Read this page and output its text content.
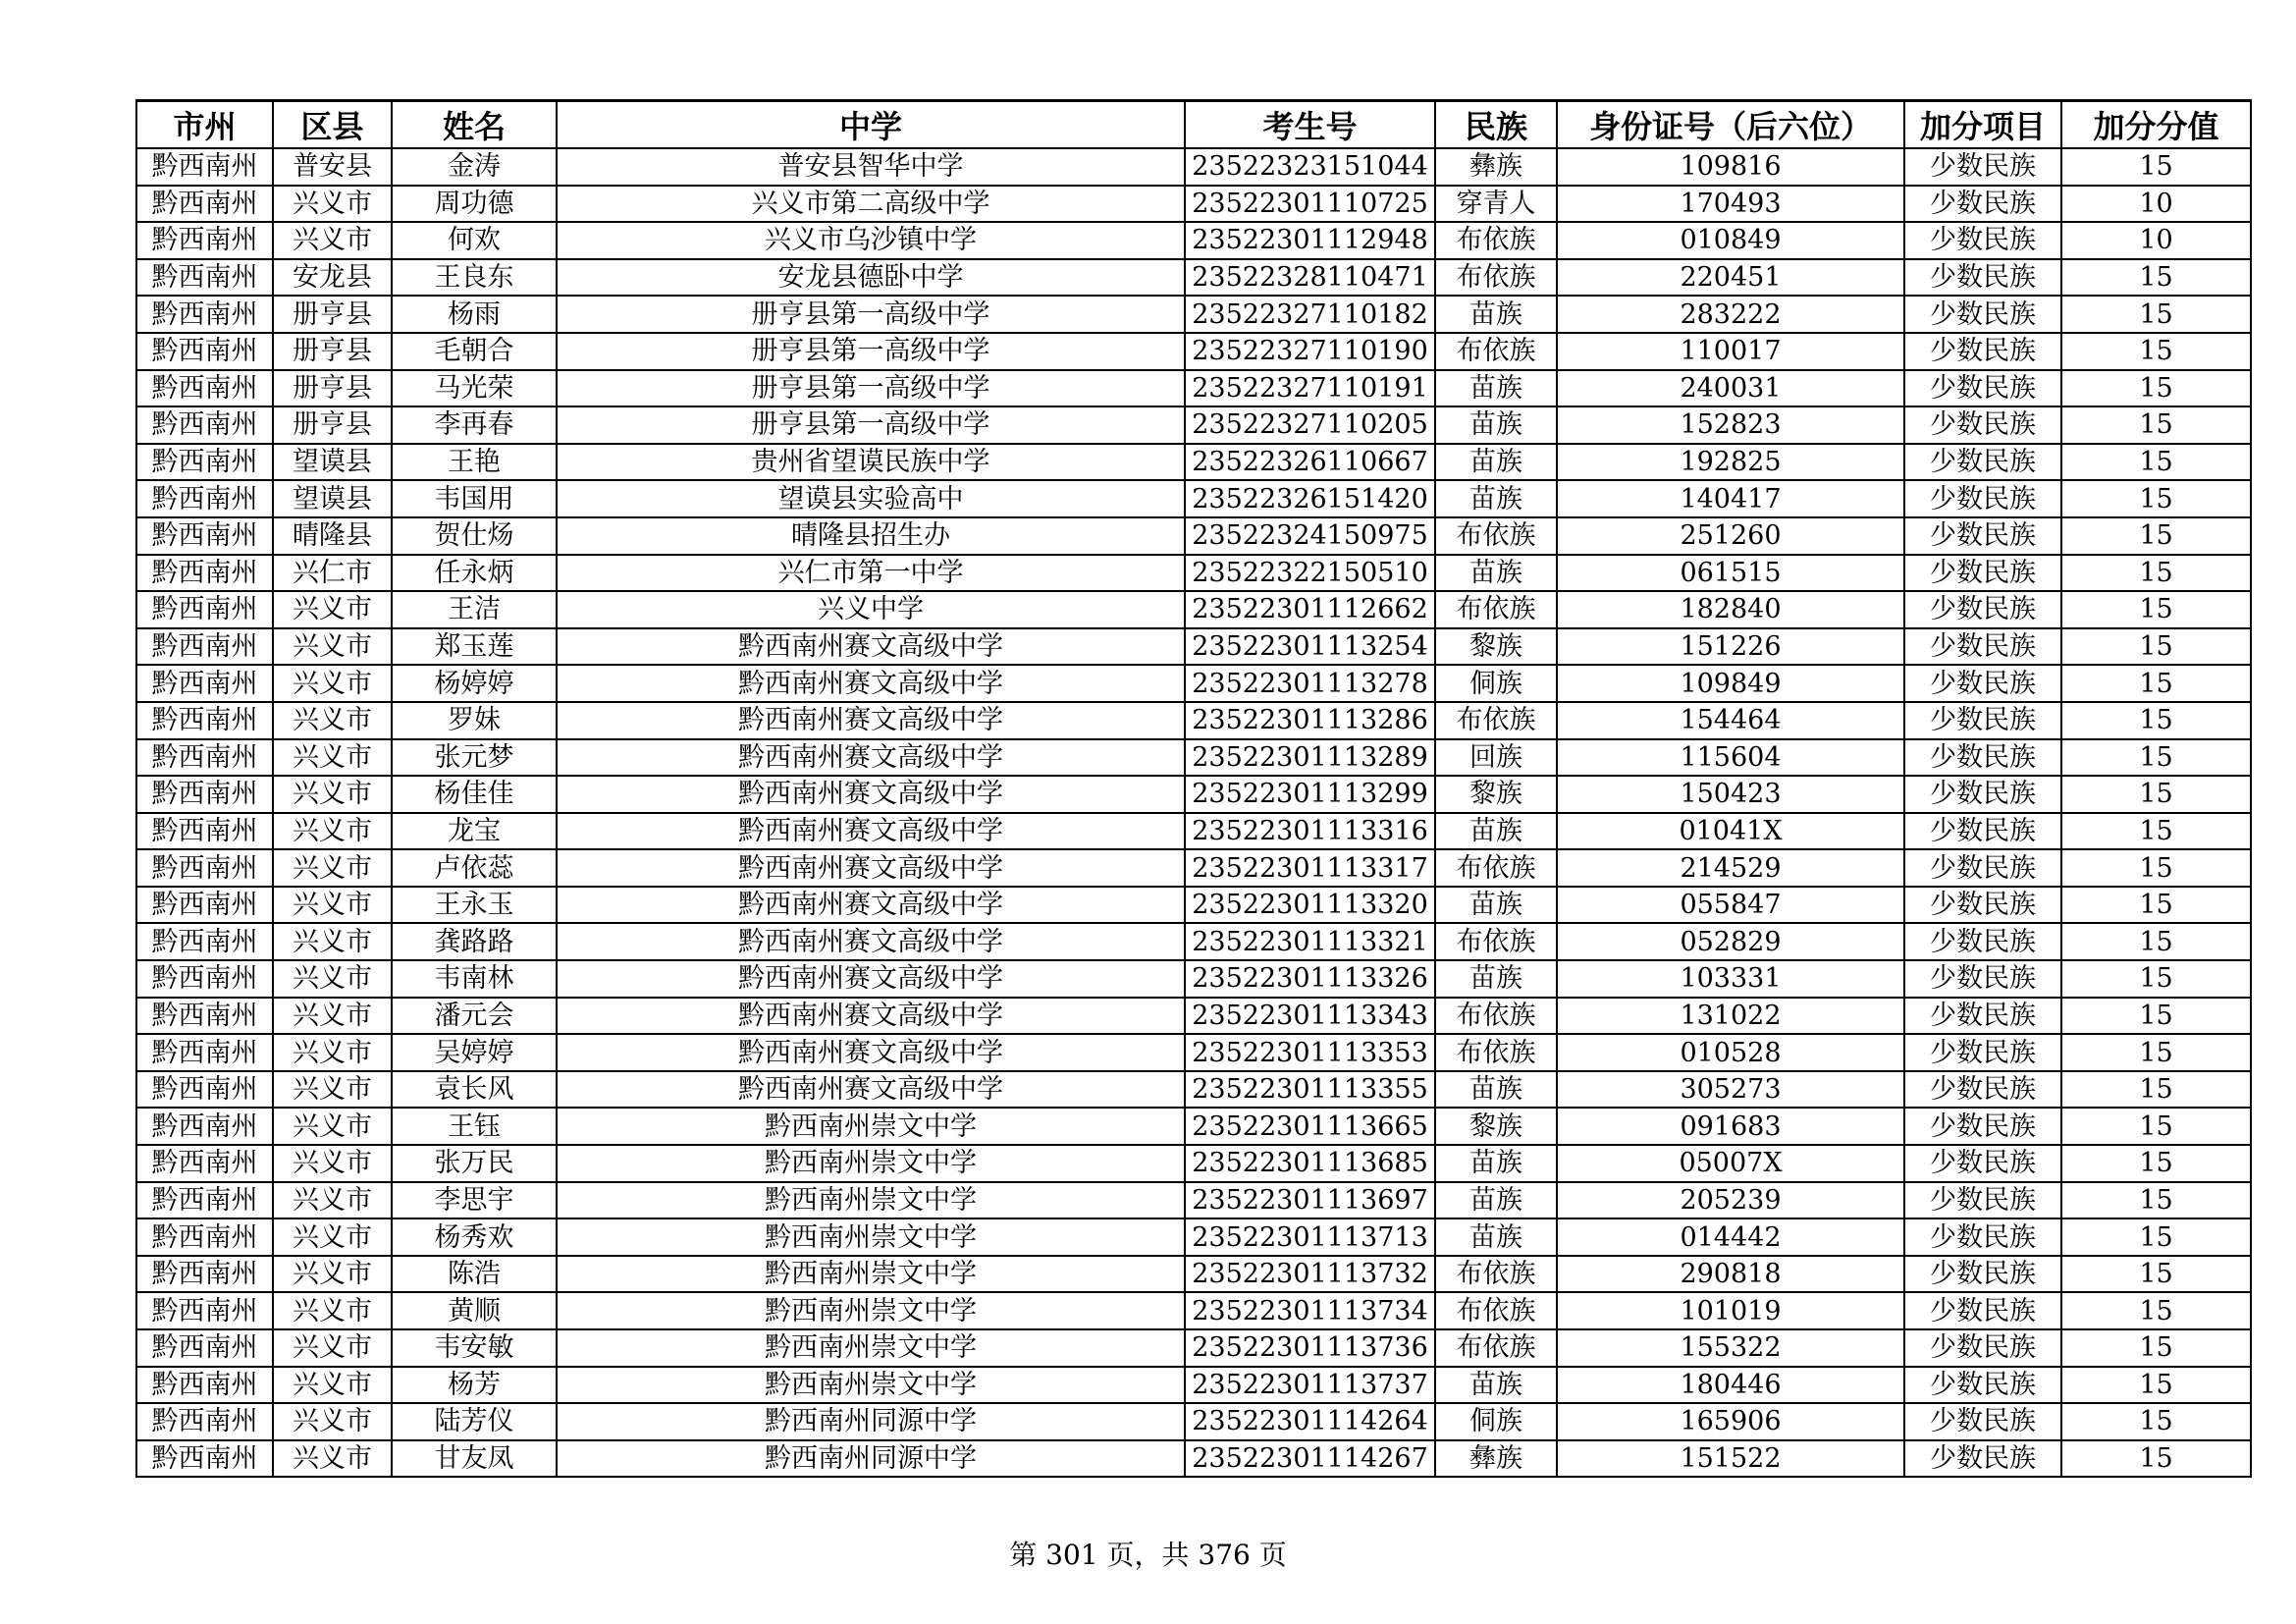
市州	区县	姓名	中学	考生号	民族	身份证号（后六位）	加分项目	加分分值
黔西南州	普安县	金涛	普安县智华中学	23522323151044	彝族	109816	少数民族	15
黔西南州	兴义市	周功德	兴义市第二高级中学	23522301110725	穿青人	170493	少数民族	10
黔西南州	兴义市	何欢	兴义市乌沙镇中学	23522301112948	布依族	010849	少数民族	10
黔西南州	安龙县	王良东	安龙县德卧中学	23522328110471	布依族	220451	少数民族	15
黔西南州	册亨县	杨雨	册亨县第一高级中学	23522327110182	苗族	283222	少数民族	15
黔西南州	册亨县	毛朝合	册亨县第一高级中学	23522327110190	布依族	110017	少数民族	15
黔西南州	册亨县	马光荣	册亨县第一高级中学	23522327110191	苗族	240031	少数民族	15
黔西南州	册亨县	李再春	册亨县第一高级中学	23522327110205	苗族	152823	少数民族	15
黔西南州	望谟县	王艳	贵州省望谟民族中学	23522326110667	苗族	192825	少数民族	15
黔西南州	望谟县	韦国用	望谟县实验高中	23522326151420	苗族	140417	少数民族	15
黔西南州	晴隆县	贺仕炀	晴隆县招生办	23522324150975	布依族	251260	少数民族	15
黔西南州	兴仁市	任永炳	兴仁市第一中学	23522322150510	苗族	061515	少数民族	15
黔西南州	兴义市	王洁	兴义中学	23522301112662	布依族	182840	少数民族	15
黔西南州	兴义市	郑玉莲	黔西南州赛文高级中学	23522301113254	黎族	151226	少数民族	15
黔西南州	兴义市	杨婷婷	黔西南州赛文高级中学	23522301113278	侗族	109849	少数民族	15
黔西南州	兴义市	罗妹	黔西南州赛文高级中学	23522301113286	布依族	154464	少数民族	15
黔西南州	兴义市	张元梦	黔西南州赛文高级中学	23522301113289	回族	115604	少数民族	15
黔西南州	兴义市	杨佳佳	黔西南州赛文高级中学	23522301113299	黎族	150423	少数民族	15
黔西南州	兴义市	龙宝	黔西南州赛文高级中学	23522301113316	苗族	01041X	少数民族	15
黔西南州	兴义市	卢依蕊	黔西南州赛文高级中学	23522301113317	布依族	214529	少数民族	15
黔西南州	兴义市	王永玉	黔西南州赛文高级中学	23522301113320	苗族	055847	少数民族	15
黔西南州	兴义市	龚路路	黔西南州赛文高级中学	23522301113321	布依族	052829	少数民族	15
黔西南州	兴义市	韦南林	黔西南州赛文高级中学	23522301113326	苗族	103331	少数民族	15
黔西南州	兴义市	潘元会	黔西南州赛文高级中学	23522301113343	布依族	131022	少数民族	15
黔西南州	兴义市	吴婷婷	黔西南州赛文高级中学	23522301113353	布依族	010528	少数民族	15
黔西南州	兴义市	袁长风	黔西南州赛文高级中学	23522301113355	苗族	305273	少数民族	15
黔西南州	兴义市	王钰	黔西南州崇文中学	23522301113665	黎族	091683	少数民族	15
黔西南州	兴义市	张万民	黔西南州崇文中学	23522301113685	苗族	05007X	少数民族	15
黔西南州	兴义市	李思宇	黔西南州崇文中学	23522301113697	苗族	205239	少数民族	15
黔西南州	兴义市	杨秀欢	黔西南州崇文中学	23522301113713	苗族	014442	少数民族	15
黔西南州	兴义市	陈浩	黔西南州崇文中学	23522301113732	布依族	290818	少数民族	15
黔西南州	兴义市	黄顺	黔西南州崇文中学	23522301113734	布依族	101019	少数民族	15
黔西南州	兴义市	韦安敏	黔西南州崇文中学	23522301113736	布依族	155322	少数民族	15
黔西南州	兴义市	杨芳	黔西南州崇文中学	23522301113737	苗族	180446	少数民族	15
黔西南州	兴义市	陆芳仪	黔西南州同源中学	23522301114264	侗族	165906	少数民族	15
黔西南州	兴义市	甘友凤	黔西南州同源中学	23522301114267	彝族	151522	少数民族	15
第 301 页，共 376 页
